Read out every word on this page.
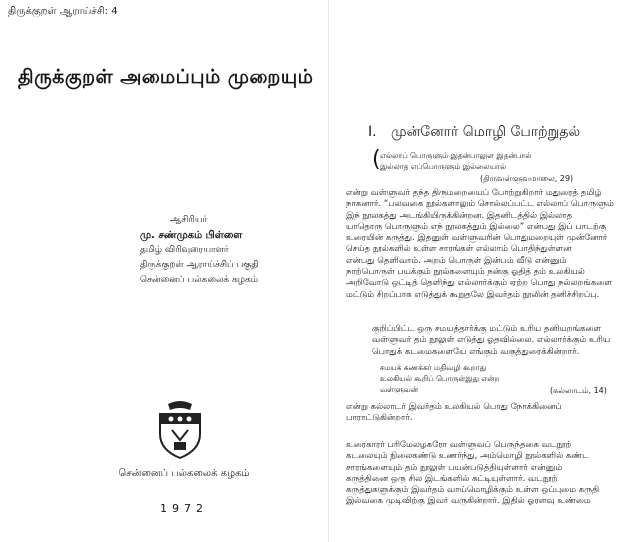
திருக்குறள் ஆராய்ச்சி: 4
திருக்குறள் அமைப்பும் முறையும்
ஆசிரியர்
மு. சண்முகம் பிள்ளை
தமிழ் விரிவுரையாளர்
திருக்குறள் ஆராய்ச்சிப் பகுதி
சென்னைப் பல்கலைக் கழகம்
சென்னைப் பல்கலைக் கழகம்
1972
I. முன்னோர் மொழி போற்றுதல்
( எல்லாப் பொருளும் இதன்பாலுள இதன்பால்
இல்லாத எப்பொருளும் இல்லையால்
(திருவள்ளுவமாலை, 29)
என்று வள்ளுவர் தந்த திருமறையைப் போற்றுகிறார் மதுரைத் தமிழ்
நாகனார். “பலவகை நூல்களாலும் சொல்லப்பட்ட எல்லாப் பொருளும்
இந் நூலகத்து அடங்கியிருக்கின்றன. இதனிடத்தில் இல்லாத
யாதொரு பொருளும் எந் நூலகத்தும் இல்லை” என்பது இப் பாடற்கு
உரையின் கருத்து. இதனுள் வள்ளுவரின் பொதுமறையுள் முன்னோர்
செய்த நூல்களில் உள்ள சாரங்கள் எல்லாம் பொதிந்துள்ளன
என்பது தெளிவாம். அறம் பொருள் இன்பம் வீடு என்னும்
நாற்பொருள் பயக்கும் நூல்களையும் நன்கு ஓதித் தம் உலகியல்
அறிவோடு ஒட்டித் தெளிந்து எல்லார்க்கும் ஏற்ற பொது நல்லறங்களை
மட்டும் சிறப்பாக எடுத்துக் கூறுதலே இவர்தம் நூலின் தனிச்சிறப்பு.
குறிப்பிட்ட ஒரு சமயத்தார்க்கு மட்டும் உரிய தனியறங்களை
வள்ளுவர் தம் நூலுள் எடுத்து ஓதவில்லை. எல்லார்க்கும் உரிய
பொதுக் கடமைகளையே எங்கும் வகுத்துரைக்கின்றார்.
சமயக் கணக்கர் மதிவழி கூறாது
உலகியல் கூறிப் பொருள்இது என்ற
வள்ளுவன்	(கல்லாடம், 14)
என்று கல்லாடர் இவர்தம் உலகியல் பொது நோக்கினைப்
பாராட்டுகின்றார்.
உரைகாரர் பரிமேலழகரோ வள்ளுவப் பெருந்தகை வடநூற்
கடலையும் நிலைகண்டு உணர்ந்து, அம்மொழி நூல்களில் கண்ட
சாரங்களையும் தம் நூலுள் பயன்படுத்தியுள்ளார் என்னும்
கருத்தினை ஒரு சில இடங்களில் சுட்டியுள்ளார். வடநூற்
கருத்துகளுக்கும் இவர்தம் வாய்மொழிக்கும் உள்ள ஒப்புமை கருதி
இல்வகை முடிவிற்கு இவர் வருகின்றார். இதில் ஓரளவு உண்மை
